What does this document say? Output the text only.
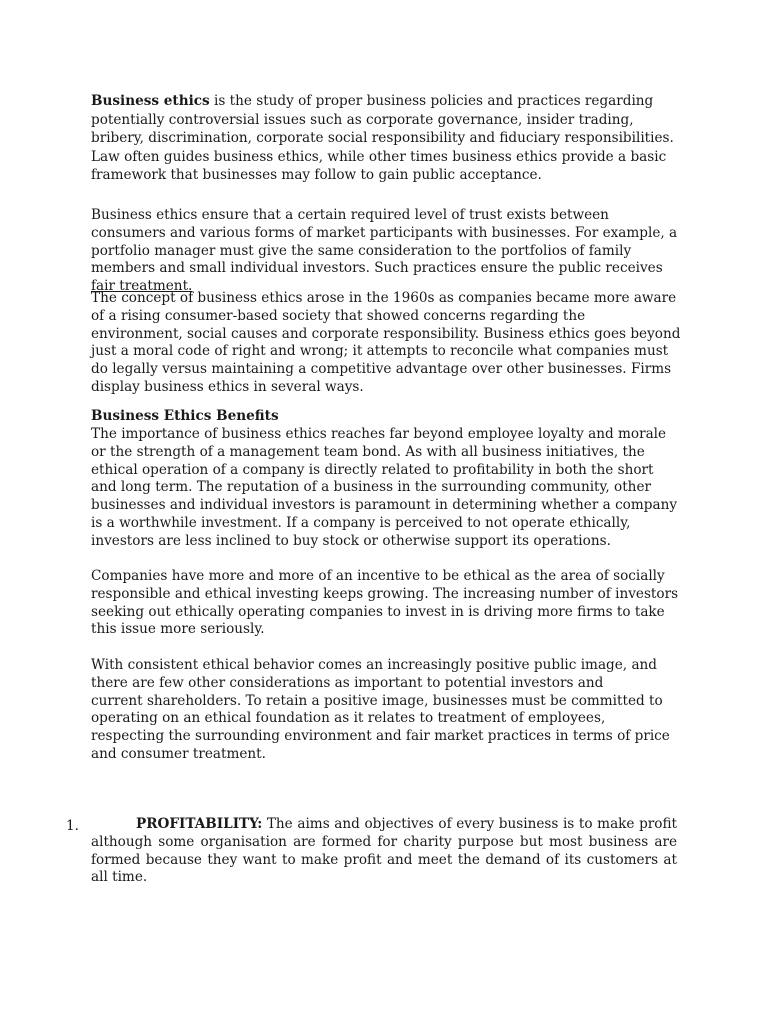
Business ethics is the study of proper business policies and practices regarding potentially controversial issues such as corporate governance, insider trading, bribery, discrimination, corporate social responsibility and fiduciary responsibilities. Law often guides business ethics, while other times business ethics provide a basic framework that businesses may follow to gain public acceptance.

Business ethics ensure that a certain required level of trust exists between consumers and various forms of market participants with businesses. For example, a portfolio manager must give the same consideration to the portfolios of family members and small individual investors. Such practices ensure the public receives fair treatment.

The concept of business ethics arose in the 1960s as companies became more aware of a rising consumer-based society that showed concerns regarding the environment, social causes and corporate responsibility. Business ethics goes beyond just a moral code of right and wrong; it attempts to reconcile what companies must do legally versus maintaining a competitive advantage over other businesses. Firms display business ethics in several ways.

Business Ethics Benefits

The importance of business ethics reaches far beyond employee loyalty and morale or the strength of a management team bond. As with all business initiatives, the ethical operation of a company is directly related to profitability in both the short and long term. The reputation of a business in the surrounding community, other businesses and individual investors is paramount in determining whether a company is a worthwhile investment. If a company is perceived to not operate ethically, investors are less inclined to buy stock or otherwise support its operations.

Companies have more and more of an incentive to be ethical as the area of socially responsible and ethical investing keeps growing. The increasing number of investors seeking out ethically operating companies to invest in is driving more firms to take this issue more seriously.

With consistent ethical behavior comes an increasingly positive public image, and there are few other considerations as important to potential investors and
current shareholders. To retain a positive image, businesses must be committed to operating on an ethical foundation as it relates to treatment of employees, respecting the surrounding environment and fair market practices in terms of price and consumer treatment.

1.	PROFITABILITY: The aims and objectives of every business is to make profit although some organisation are formed for charity purpose but most business are formed because they want to make profit and meet the demand of its customers at all time.
